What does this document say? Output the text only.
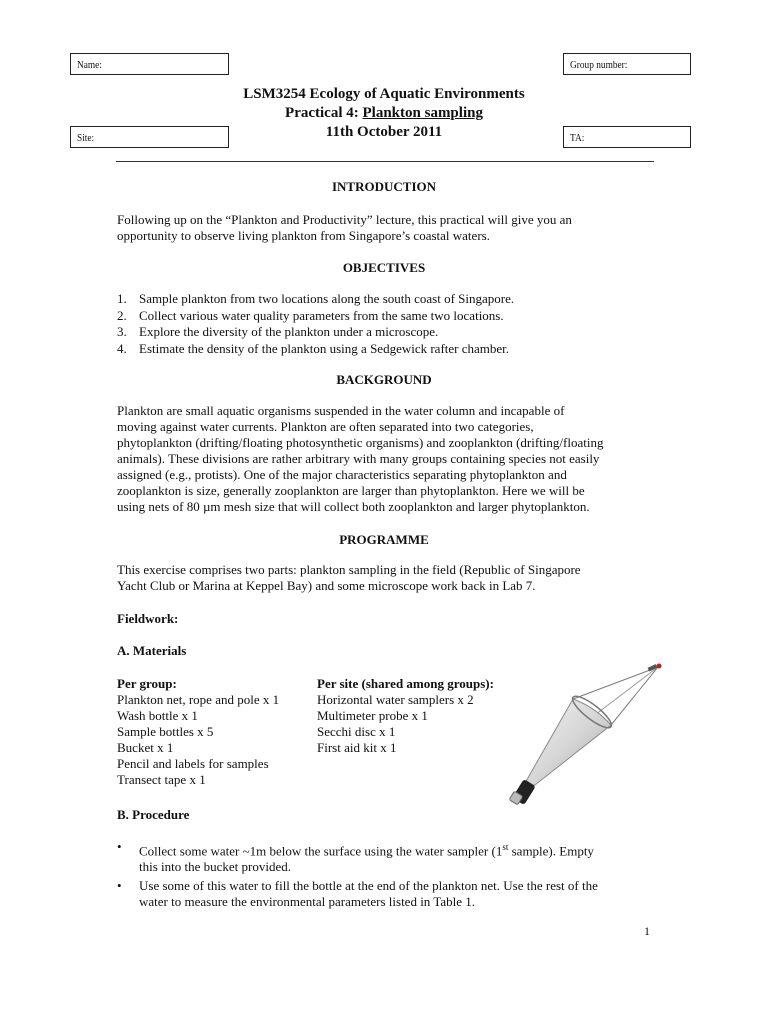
Name:	Group number:
Site:	TA:
LSM3254 Ecology of Aquatic Environments
Practical 4: Plankton sampling
11th October 2011
INTRODUCTION
Following up on the “Plankton and Productivity” lecture, this practical will give you an
opportunity to observe living plankton from Singapore’s coastal waters.
OBJECTIVES
1. Sample plankton from two locations along the south coast of Singapore.
2. Collect various water quality parameters from the same two locations.
3. Explore the diversity of the plankton under a microscope.
4. Estimate the density of the plankton using a Sedgewick rafter chamber.
BACKGROUND
Plankton are small aquatic organisms suspended in the water column and incapable of
moving against water currents. Plankton are often separated into two categories,
phytoplankton (drifting/floating photosynthetic organisms) and zooplankton (drifting/floating
animals). These divisions are rather arbitrary with many groups containing species not easily
assigned (e.g., protists). One of the major characteristics separating phytoplankton and
zooplankton is size, generally zooplankton are larger than phytoplankton. Here we will be
using nets of 80 µm mesh size that will collect both zooplankton and larger phytoplankton.
PROGRAMME
This exercise comprises two parts: plankton sampling in the field (Republic of Singapore
Yacht Club or Marina at Keppel Bay) and some microscope work back in Lab 7.
Fieldwork:
A. Materials
Per group:
Plankton net, rope and pole x 1
Wash bottle x 1
Sample bottles x 5
Bucket x 1
Pencil and labels for samples
Transect tape x 1
Per site (shared among groups):
Horizontal water samplers x 2
Multimeter probe x 1
Secchi disc x 1
First aid kit x 1
B. Procedure
• Collect some water ~1m below the surface using the water sampler (1st sample). Empty
this into the bucket provided.
• Use some of this water to fill the bottle at the end of the plankton net. Use the rest of the
water to measure the environmental parameters listed in Table 1.
1
